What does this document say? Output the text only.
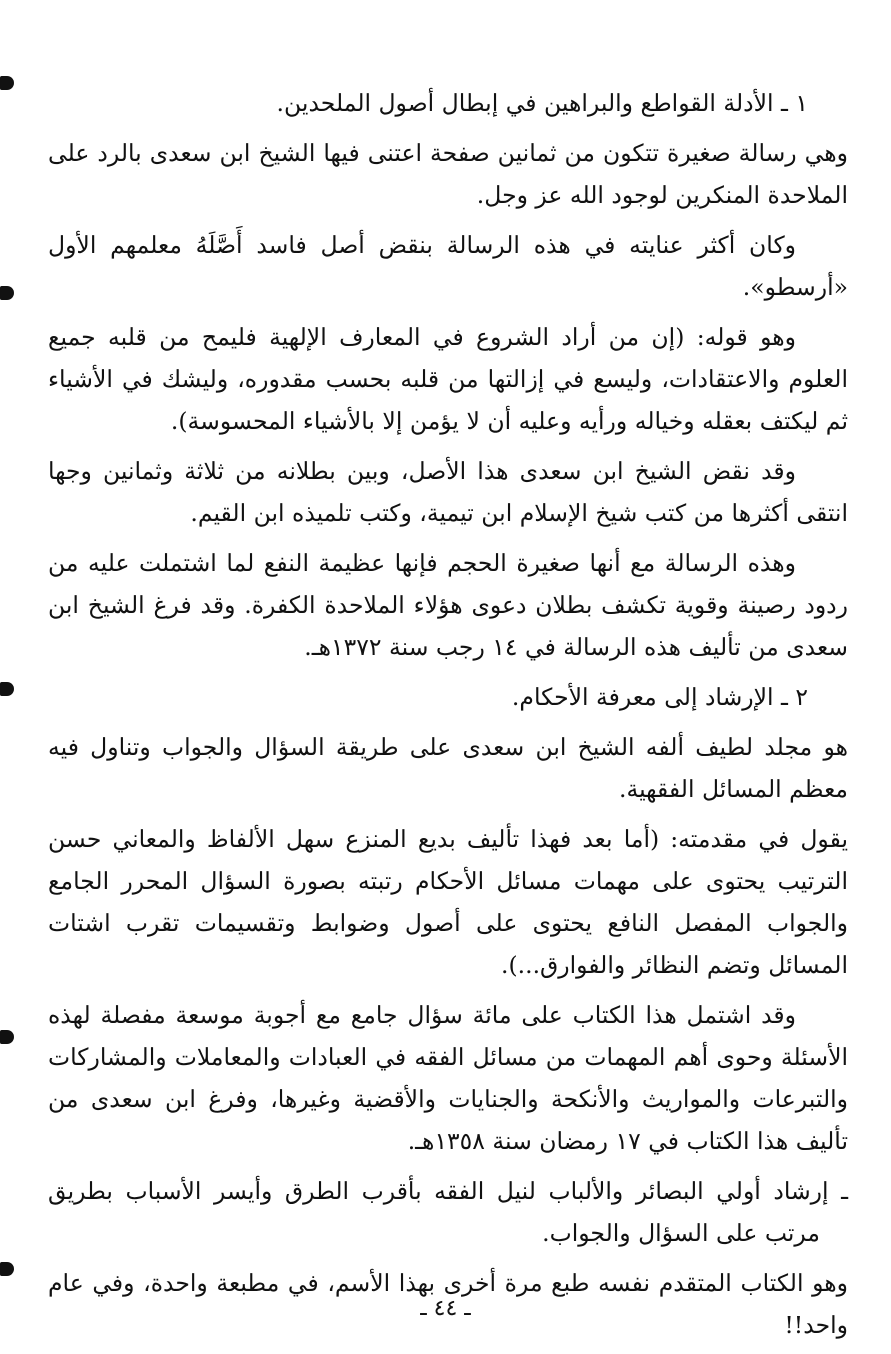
١ ـ الأدلة القواطع والبراهين في إبطال أصول الملحدين.

وهي رسالة صغيرة تتكون من ثمانين صفحة اعتنى فيها الشيخ ابن سعدى بالرد على الملاحدة المنكرين لوجود الله عز وجل.

وكان أكثر عنايته في هذه الرسالة بنقض أصل فاسد أَصَّلَهُ معلمهم الأول «أرسطو».

وهو قوله: (إن من أراد الشروع في المعارف الإلهية فليمح من قلبه جميع العلوم والاعتقادات، وليسع في إزالتها من قلبه بحسب مقدوره، وليشك في الأشياء ثم ليكتف بعقله وخياله ورأيه وعليه أن لا يؤمن إلا بالأشياء المحسوسة).

وقد نقض الشيخ ابن سعدى هذا الأصل، وبين بطلانه من ثلاثة وثمانين وجها انتقى أكثرها من كتب شيخ الإسلام ابن تيمية، وكتب تلميذه ابن القيم.

وهذه الرسالة مع أنها صغيرة الحجم فإنها عظيمة النفع لما اشتملت عليه من ردود رصينة وقوية تكشف بطلان دعوى هؤلاء الملاحدة الكفرة. وقد فرغ الشيخ ابن سعدى من تأليف هذه الرسالة في ١٤ رجب سنة ١٣٧٢هـ.

٢ ـ الإرشاد إلى معرفة الأحكام.

هو مجلد لطيف ألفه الشيخ ابن سعدى على طريقة السؤال والجواب وتناول فيه معظم المسائل الفقهية.

يقول في مقدمته: (أما بعد فهذا تأليف بديع المنزع سهل الألفاظ والمعاني حسن الترتيب يحتوى على مهمات مسائل الأحكام رتبته بصورة السؤال المحرر الجامع والجواب المفصل النافع يحتوى على أصول وضوابط وتقسيمات تقرب اشتات المسائل وتضم النظائر والفوارق...).

وقد اشتمل هذا الكتاب على مائة سؤال جامع مع أجوبة موسعة مفصلة لهذه الأسئلة وحوى أهم المهمات من مسائل الفقه في العبادات والمعاملات والمشاركات والتبرعات والمواريث والأنكحة والجنايات والأقضية وغيرها، وفرغ ابن سعدى من تأليف هذا الكتاب في ١٧ رمضان سنة ١٣٥٨هـ.

ـ إرشاد أولي البصائر والألباب لنيل الفقه بأقرب الطرق وأيسر الأسباب بطريق مرتب على السؤال والجواب.

وهو الكتاب المتقدم نفسه طبع مرة أخرى بهذا الأسم، في مطبعة واحدة، وفي عام واحد!!

ـ ٤٤ ـ
